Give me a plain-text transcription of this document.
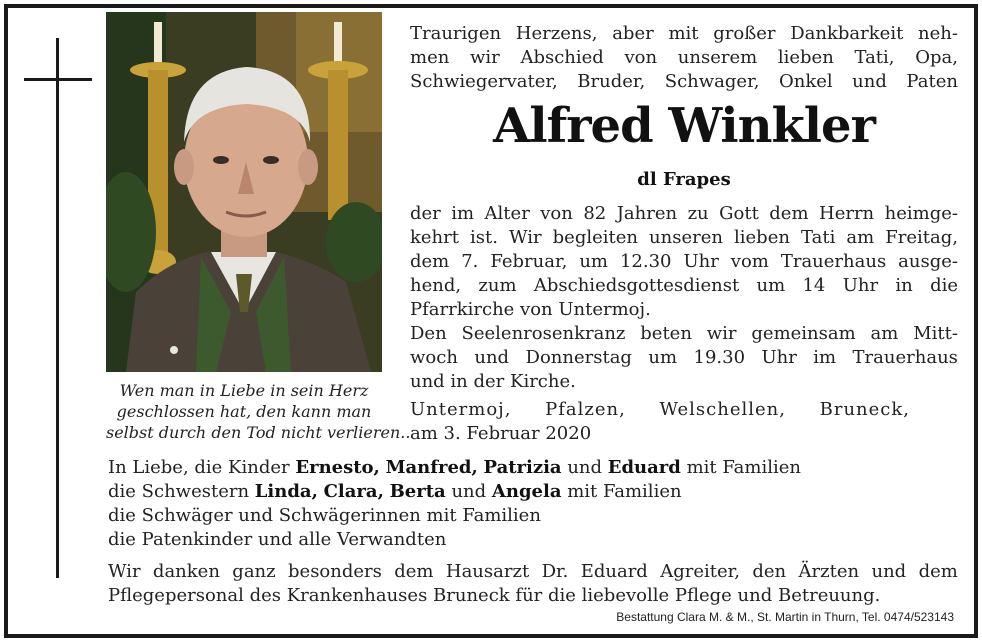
Wen man in Liebe in sein Herz
geschlossen hat, den kann man
selbst durch den Tod nicht verlieren..
Traurigen Herzens, aber mit großer Dankbarkeit neh-
men wir Abschied von unserem lieben Tati, Opa,
Schwiegervater, Bruder, Schwager, Onkel und Paten
Alfred Winkler
dl Frapes
der im Alter von 82 Jahren zu Gott dem Herrn heimge-
kehrt ist. Wir begleiten unseren lieben Tati am Freitag,
dem 7. Februar, um 12.30 Uhr vom Trauerhaus ausge-
hend, zum Abschiedsgottesdienst um 14 Uhr in die
Pfarrkirche von Untermoj.
Den Seelenrosenkranz beten wir gemeinsam am Mitt-
woch und Donnerstag um 19.30 Uhr im Trauerhaus
und in der Kirche.
Untermoj, Pfalzen, Welschellen, Bruneck,
am 3. Februar 2020
In Liebe, die Kinder Ernesto, Manfred, Patrizia und Eduard mit Familien
die Schwestern Linda, Clara, Berta und Angela mit Familien
die Schwäger und Schwägerinnen mit Familien
die Patenkinder und alle Verwandten
Wir danken ganz besonders dem Hausarzt Dr. Eduard Agreiter, den Ärzten und dem
Pflegepersonal des Krankenhauses Bruneck für die liebevolle Pflege und Betreuung.
Bestattung Clara M. & M., St. Martin in Thurn, Tel. 0474/523143
